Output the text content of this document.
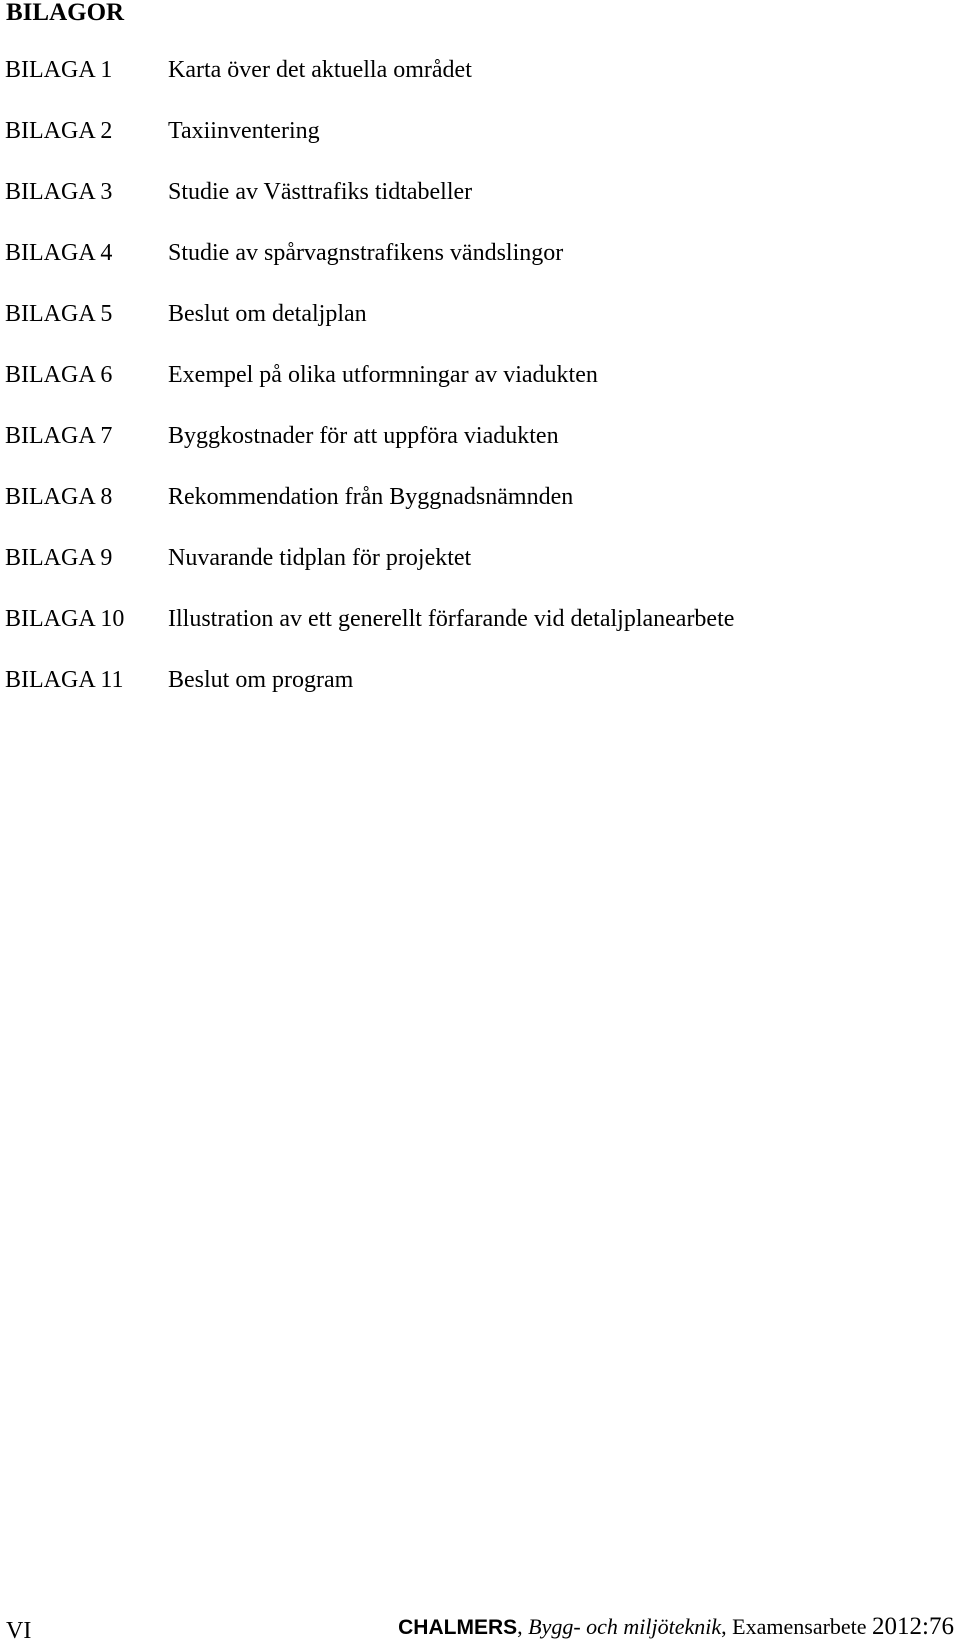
BILAGOR
BILAGA 1	Karta över det aktuella området
BILAGA 2	Taxiinventering
BILAGA 3	Studie av Västtrafiks tidtabeller
BILAGA 4	Studie av spårvagnstrafikens vändslingor
BILAGA 5	Beslut om detaljplan
BILAGA 6	Exempel på olika utformningar av viadukten
BILAGA 7	Byggkostnader för att uppföra viadukten
BILAGA 8	Rekommendation från Byggnadsnämnden
BILAGA 9	Nuvarande tidplan för projektet
BILAGA 10	Illustration av ett generellt förfarande vid detaljplanearbete
BILAGA 11	Beslut om program
VI	CHALMERS, Bygg- och miljöteknik, Examensarbete 2012:76
